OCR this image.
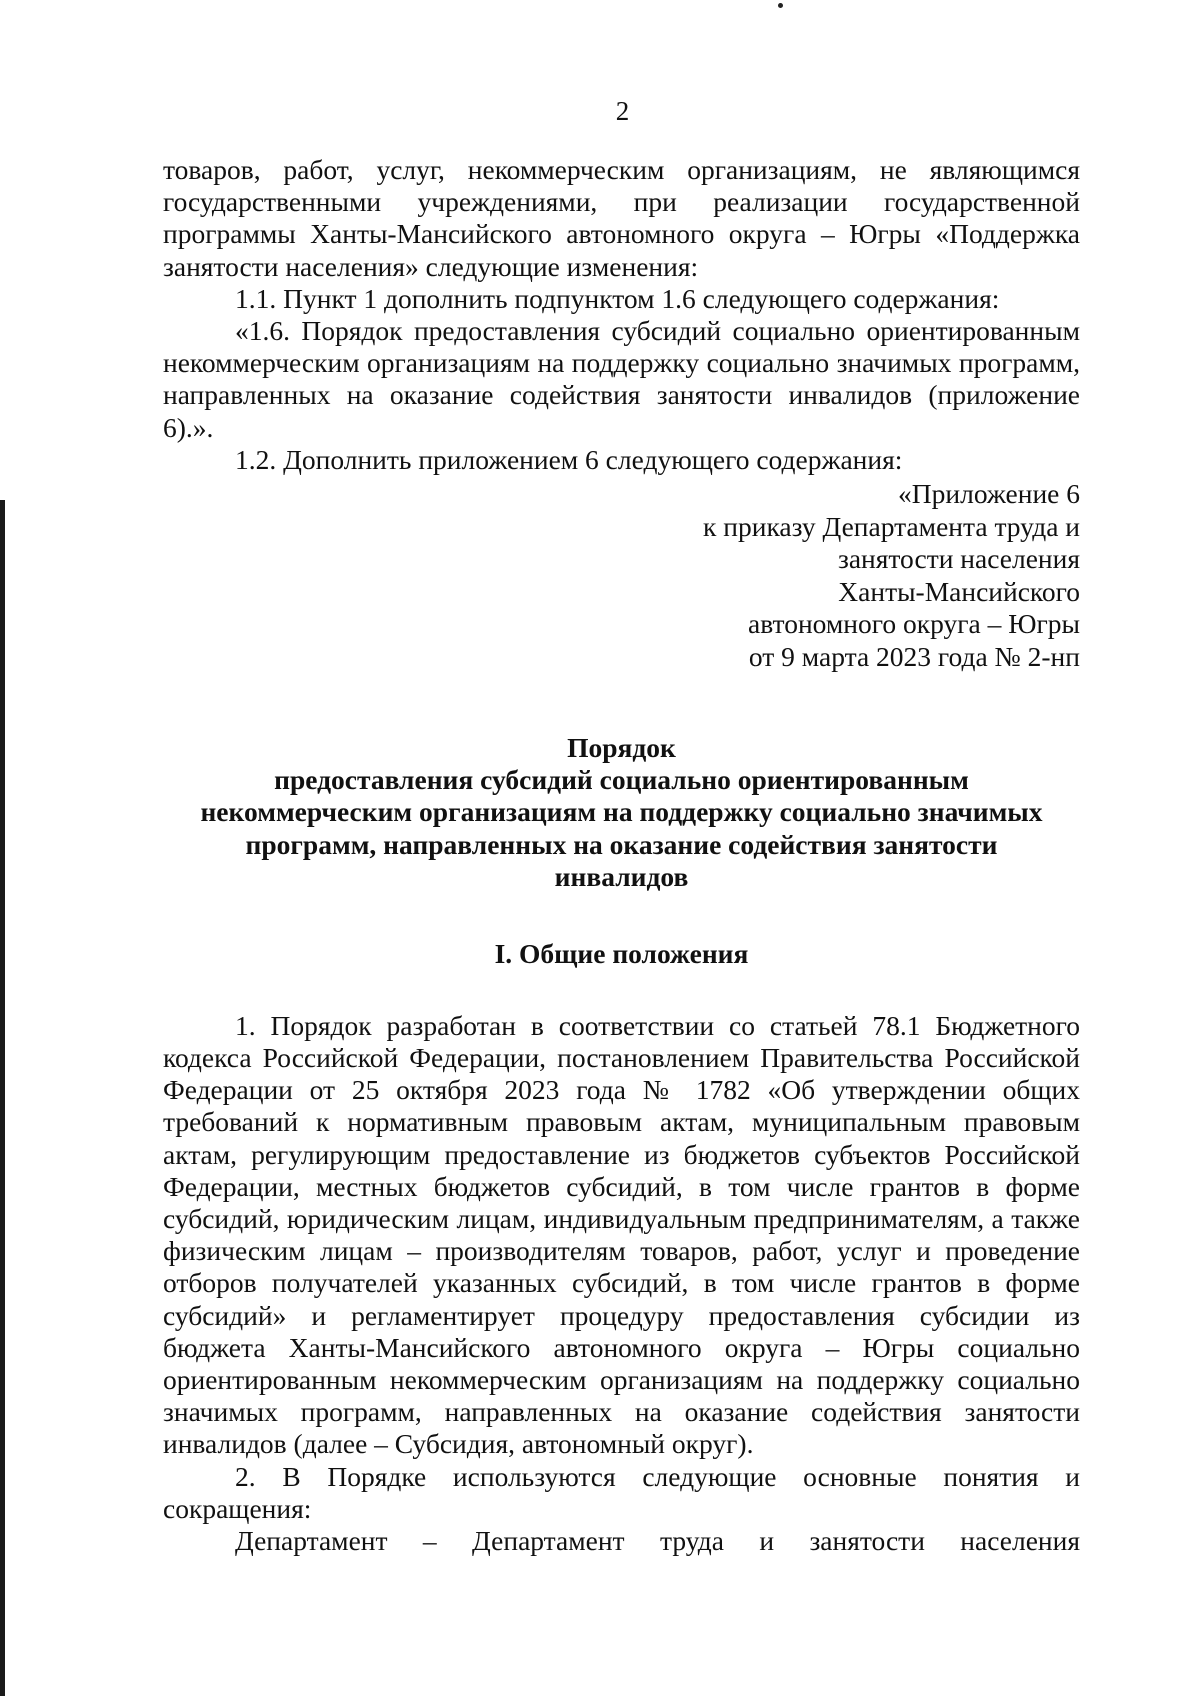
2

товаров, работ, услуг, некоммерческим организациям, не являющимся государственными учреждениями, при реализации государственной программы Ханты-Мансийского автономного округа – Югры «Поддержка занятости населения» следующие изменения:

1.1. Пункт 1 дополнить подпунктом 1.6 следующего содержания:

«1.6. Порядок предоставления субсидий социально ориентированным некоммерческим организациям на поддержку социально значимых программ, направленных на оказание содействия занятости инвалидов (приложение 6).».

1.2. Дополнить приложением 6 следующего содержания:

«Приложение 6
к приказу Департамента труда и
занятости населения
Ханты-Мансийского
автономного округа – Югры
от 9 марта 2023 года № 2-нп
Порядок
предоставления субсидий социально ориентированным
некоммерческим организациям на поддержку социально значимых
программ, направленных на оказание содействия занятости
инвалидов
I. Общие положения

1. Порядок разработан в соответствии со статьей 78.1 Бюджетного кодекса Российской Федерации, постановлением Правительства Российской Федерации от 25 октября 2023 года № 1782 «Об утверждении общих требований к нормативным правовым актам, муниципальным правовым актам, регулирующим предоставление из бюджетов субъектов Российской Федерации, местных бюджетов субсидий, в том числе грантов в форме субсидий, юридическим лицам, индивидуальным предпринимателям, а также физическим лицам – производителям товаров, работ, услуг и проведение отборов получателей указанных субсидий, в том числе грантов в форме субсидий» и регламентирует процедуру предоставления субсидии из бюджета Ханты-Мансийского автономного округа – Югры социально ориентированным некоммерческим организациям на поддержку социально значимых программ, направленных на оказание содействия занятости инвалидов (далее – Субсидия, автономный округ).

2. В Порядке используются следующие основные понятия и сокращения:

Департамент – Департамент труда и занятости населения
